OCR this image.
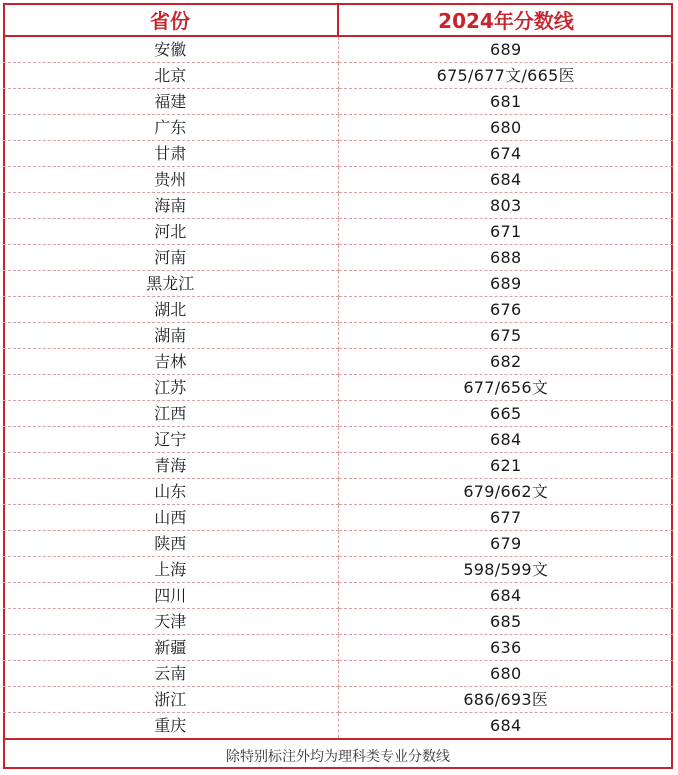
省份	2024年分数线
安徽	689
北京	675/677文/665医
福建	681
广东	680
甘肃	674
贵州	684
海南	803
河北	671
河南	688
黑龙江	689
湖北	676
湖南	675
吉林	682
江苏	677/656文
江西	665
辽宁	684
青海	621
山东	679/662文
山西	677
陕西	679
上海	598/599文
四川	684
天津	685
新疆	636
云南	680
浙江	686/693医
重庆	684
除特别标注外均为理科类专业分数线
